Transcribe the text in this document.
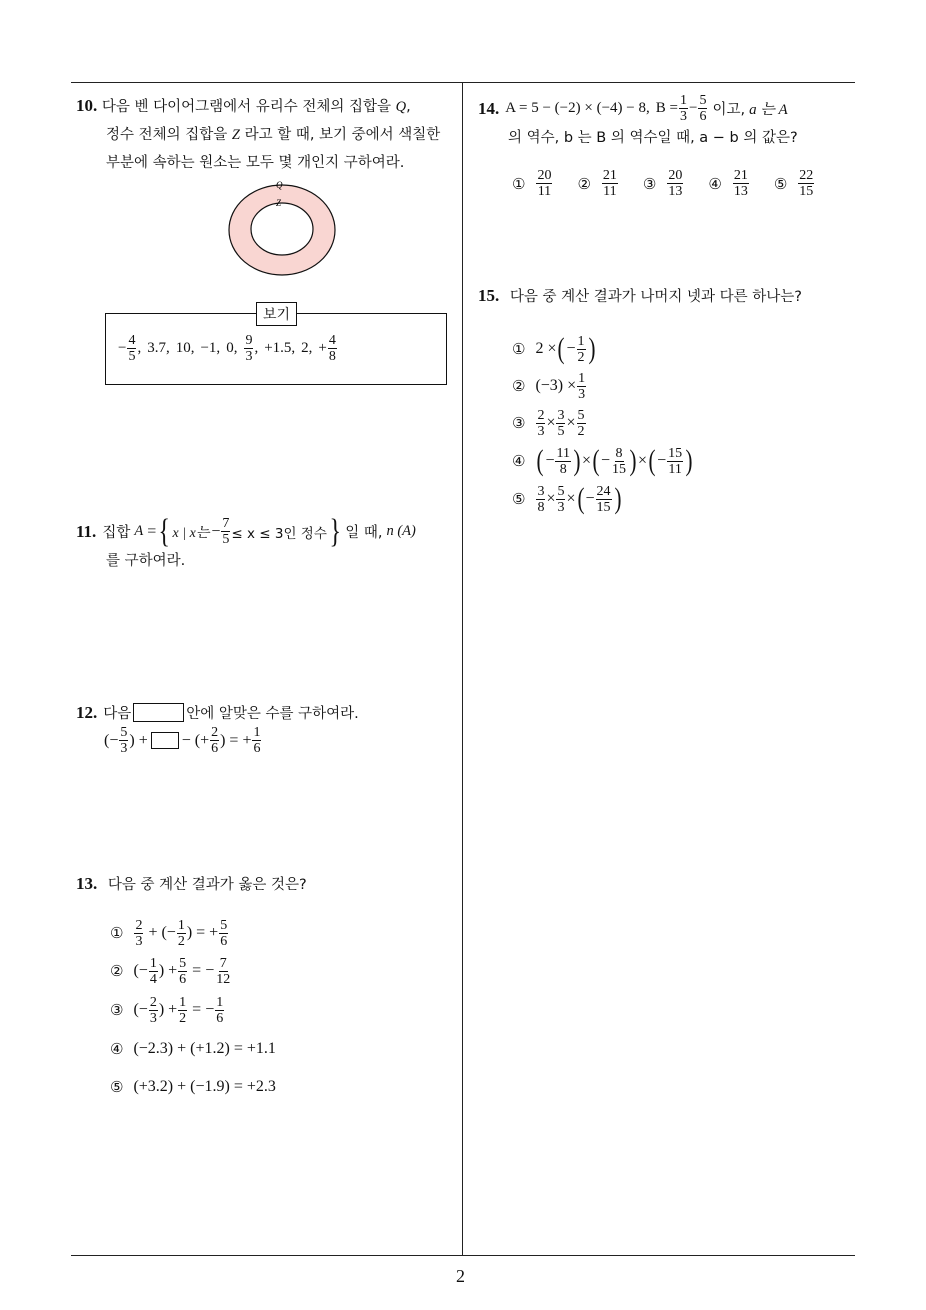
2
10. 다음 벤 다이어그램에서 유리수 전체의 집합을 Q,
정수 전체의 집합을 Z 라고 할 때, 보기 중에서 색칠한
부분에 속하는 원소는 모두 몇 개인지 구하여라.
Q
Z
보기
− $\frac{4}{5}$ , 3.7, 10, −1, 0, $\frac{9}{3}$ , +1.5, 2, + $\frac{4}{8}$
11. 집합 A = { x | x는 − $\frac{7}{5} \le x \le 3$인 정수 } 일 때, n (A)
를 구하여라.
12. 다음	안에 알맞은 수를 구하여라.
(− $\frac{5}{3}$ ) + − (+ $\frac{2}{6}$ ) = + $\frac{1}{6}$
13. 다음 중 계산 결과가 옳은 것은?
① $\frac{2}{3}$ + (− $\frac{1}{2}$ ) = + $\frac{5}{6}$
② (− $\frac{1}{4}$ ) + $\frac{5}{6}$ = − $\frac{7}{12}$
③ (− $\frac{2}{3}$ ) + $\frac{1}{2}$ = − $\frac{1}{6}$
④ (−2.3) + (+1.2) = +1.1
⑤ (+3.2) + (−1.9) = +2.3
14. A = 5 − (−2) × (−4) − 8, $B = \frac{1}{3} - \frac{5}{6}$ 이고, a 는 A
의 역수, b 는 B 의 역수일 때, a − b 의 값은?
① $\frac{20}{11}$ ② $\frac{21}{11}$ ③ $\frac{20}{13}$ ④ $\frac{21}{13}$ ⑤ $\frac{22}{15}$
15. 다음 중 계산 결과가 나머지 넷과 다른 하나는?
① 2 × ( − $\frac{1}{2}$ )
② $(-3) \times \frac{1}{3}$
③ $\frac{2}{3} \times \frac{3}{5} \times \frac{5}{2}$
④ ( − $\frac{11}{8}$ ) × ( − $\frac{8}{15}$ ) × ( − $\frac{15}{11}$ )
⑤ $\frac{3}{8} \times \frac{5}{3}$ × ( − $\frac{24}{15}$ )
